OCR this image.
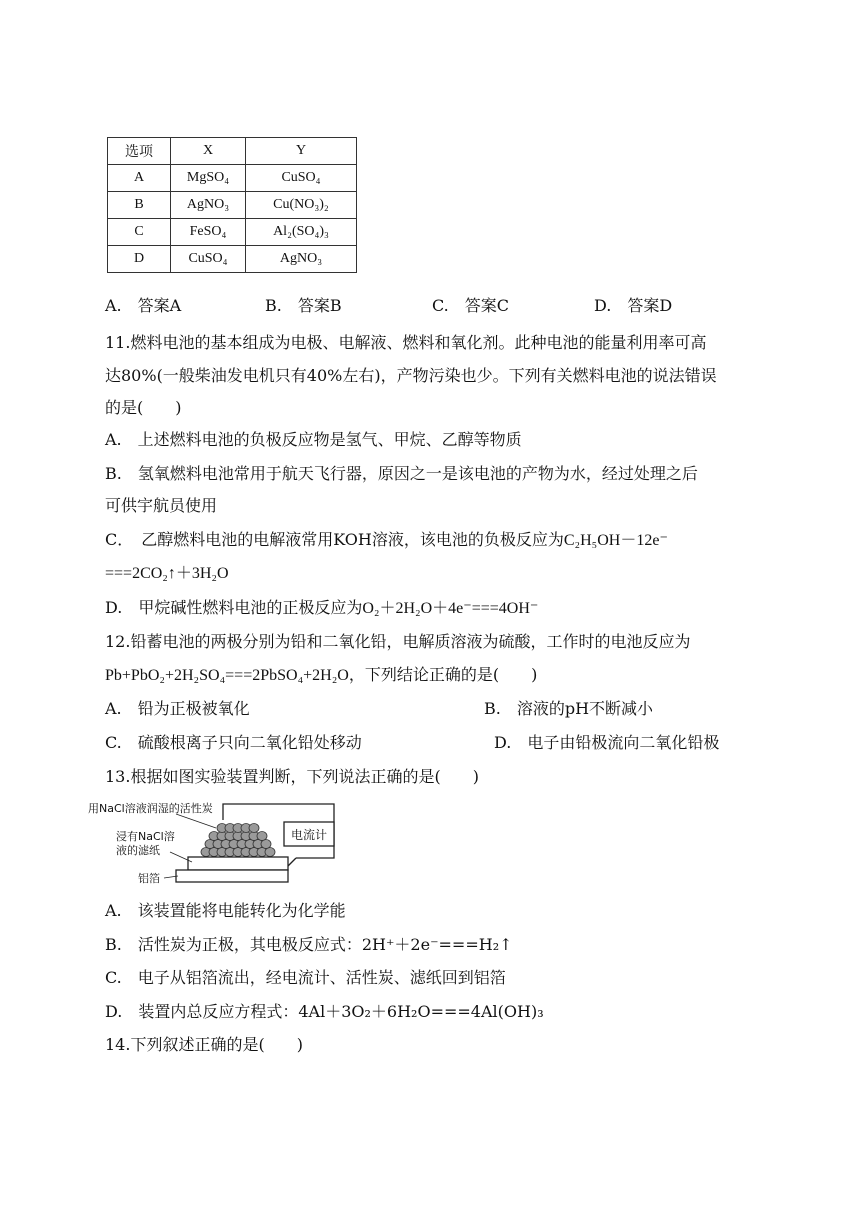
选项	X	Y
A	MgSO₄	CuSO₄
B	AgNO₃	Cu(NO₃)₂
C	FeSO₄	Al₂(SO₄)₃
D	CuSO₄	AgNO₃
A.　答案A	B.　答案B	C.　答案C	D.　答案D
11.燃料电池的基本组成为电极、电解液、燃料和氧化剂。此种电池的能量利用率可高
达80%(一般柴油发电机只有40%左右)，产物污染也少。下列有关燃料电池的说法错误
的是(　　)
A.　上述燃料电池的负极反应物是氢气、甲烷、乙醇等物质
B.　氢氧燃料电池常用于航天飞行器，原因之一是该电池的产物为水，经过处理之后
可供宇航员使用
C．　乙醇燃料电池的电解液常用KOH溶液，该电池的负极反应为C₂H₅OH－12e⁻
===2CO₂↑＋3H₂O
D.　甲烷碱性燃料电池的正极反应为O₂＋2H₂O＋4e⁻===4OH⁻
12.铅蓄电池的两极分别为铅和二氧化铅，电解质溶液为硫酸，工作时的电池反应为
Pb+PbO₂+2H₂SO₄===2PbSO₄+2H₂O，下列结论正确的是(　　)
A.　铅为正极被氧化	B.　溶液的pH不断减小
C.　硫酸根离子只向二氧化铅处移动	D.　电子由铅极流向二氧化铅极
13.根据如图实验装置判断，下列说法正确的是(　　)
电流计
用NaCl溶液润湿的活性炭
浸有NaCl溶
液的滤纸
铝箔
A.　该装置能将电能转化为化学能
B.　活性炭为正极，其电极反应式：2H⁺＋2e⁻===H₂↑
C.　电子从铝箔流出，经电流计、活性炭、滤纸回到铝箔
D.　装置内总反应方程式：4Al＋3O₂＋6H₂O===4Al(OH)₃
14.下列叙述正确的是(　　)
